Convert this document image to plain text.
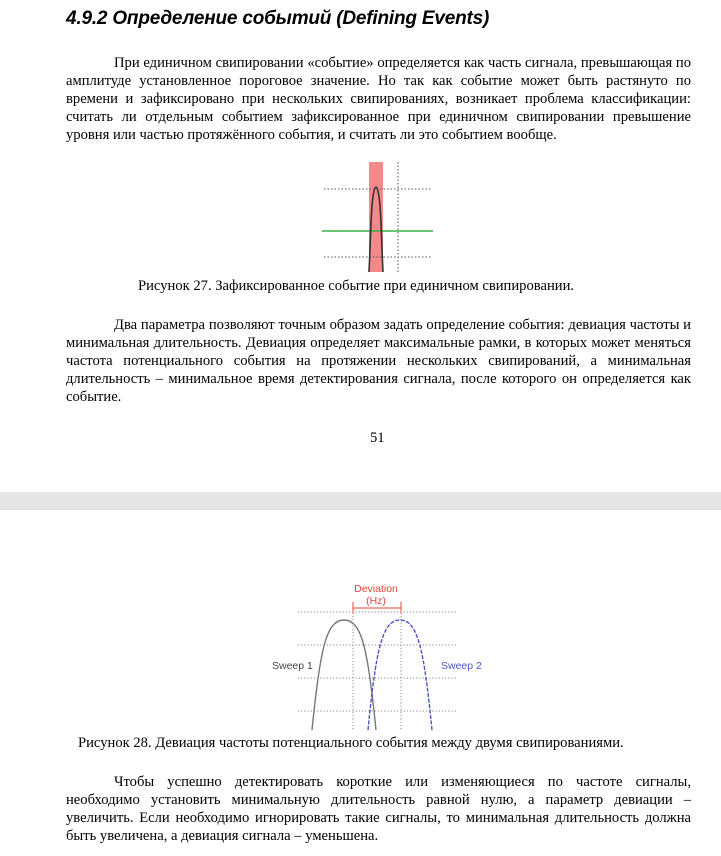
4.9.2 Определение событий (Defining Events)

При единичном свипировании «событие» определяется как часть сигнала, превышающая по амплитуде установленное пороговое значение. Но так как событие может быть растянуто по времени и зафиксировано при нескольких свипированиях, возникает проблема классификации: считать ли отдельным событием зафиксированное при единичном свипировании превышение уровня или частью протяжённого события, и считать ли это событием вообще.

Рисунок 27. Зафиксированное событие при единичном свипировании.

Два параметра позволяют точным образом задать определение события: девиация частоты и минимальная длительность. Девиация определяет максимальные рамки, в которых может меняться частота потенциального события на протяжении нескольких свипирований, а минимальная длительность – минимальное время детектирования сигнала, после которого он определяется как событие.

51
Deviation
(Hz)
Sweep 1	Sweep 2
Рисунок 28. Девиация частоты потенциального события между двумя свипированиями.

Чтобы успешно детектировать короткие или изменяющиеся по частоте сигналы, необходимо установить минимальную длительность равной нулю, а параметр девиации – увеличить. Если необходимо игнорировать такие сигналы, то минимальная длительность должна быть увеличена, а девиация сигнала – уменьшена.
